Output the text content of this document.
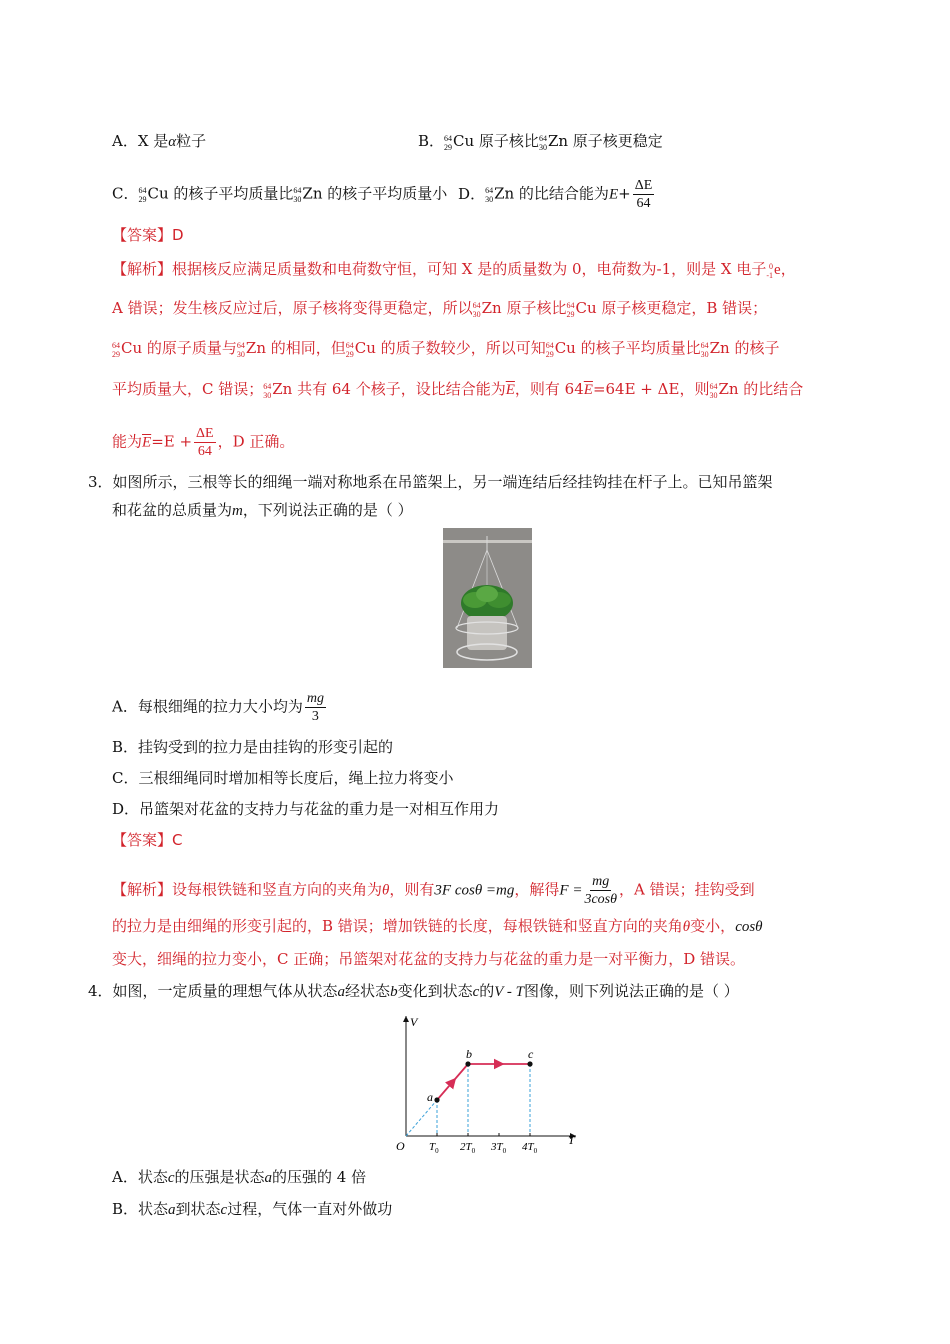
A．X 是α粒子	B． 64
29 Cu 原子核比 64
30 Zn 原子核更稳定
C． 64
29 Cu 的核子平均质量比 64
30 Zn 的核子平均质量小 D． 64
30 Zn 的比结合能为$E+ \frac{\Delta E}{64}$
【答案】D
【解析】根据核反应满足质量数和电荷数守恒，可知 X 是的质量数为 0，电荷数为-1，则是 X 电子 0
-1 e，
A 错误；发生核反应过后，原子核将变得更稳定，所以 64
30 Zn 原子核比 64
29 Cu 原子核更稳定，B 错误；
64
29 Cu 的原子质量与 64
30 Zn 的相同，但 64
29 Cu 的质子数较少，所以可知 64
29 Cu 的核子平均质量比 64
30 Zn 的核子
平均质量大，C 错误； 64
30 Zn 共有 64 个核子，设比结合能为$\overline{E}$，则有 $64\overline{E}=64E + \Delta E$，则 64
30 Zn 的比结合
能为$\overline{E}=E + \frac{\Delta E}{64}$ ，D 正确。
3．如图所示，三根等长的细绳一端对称地系在吊篮架上，另一端连结后经挂钩挂在杆子上。已知吊篮架
和花盆的总质量为m，下列说法正确的是（ ）
A．每根细绳的拉力大小均为 $\frac{mg}{3}$
B．挂钩受到的拉力是由挂钩的形变引起的
C．三根细绳同时增加相等长度后，绳上拉力将变小
D．吊篮架对花盆的支持力与花盆的重力是一对相互作用力
【答案】C
【解析】设每根铁链和竖直方向的夹角为θ，则有3F cosθ =mg，解得$F = \frac{mg}{3\cos\theta}$ ，A 错误；挂钩受到
的拉力是由细绳的形变引起的，B 错误；增加铁链的长度，每根铁链和竖直方向的夹角θ变小，cosθ
变大，细绳的拉力变小，C 正确；吊篮架对花盆的支持力与花盆的重力是一对平衡力，D 错误。
4．如图，一定质量的理想气体从状态a经状态b变化到状态c的V - T图像，则下列说法正确的是（ ）
V
T
O
a
b	c
$T_0$ $2T_0$ $3T_0$ $4T_0$
A．状态c的压强是状态a的压强的 4 倍
B．状态a到状态c过程，气体一直对外做功
